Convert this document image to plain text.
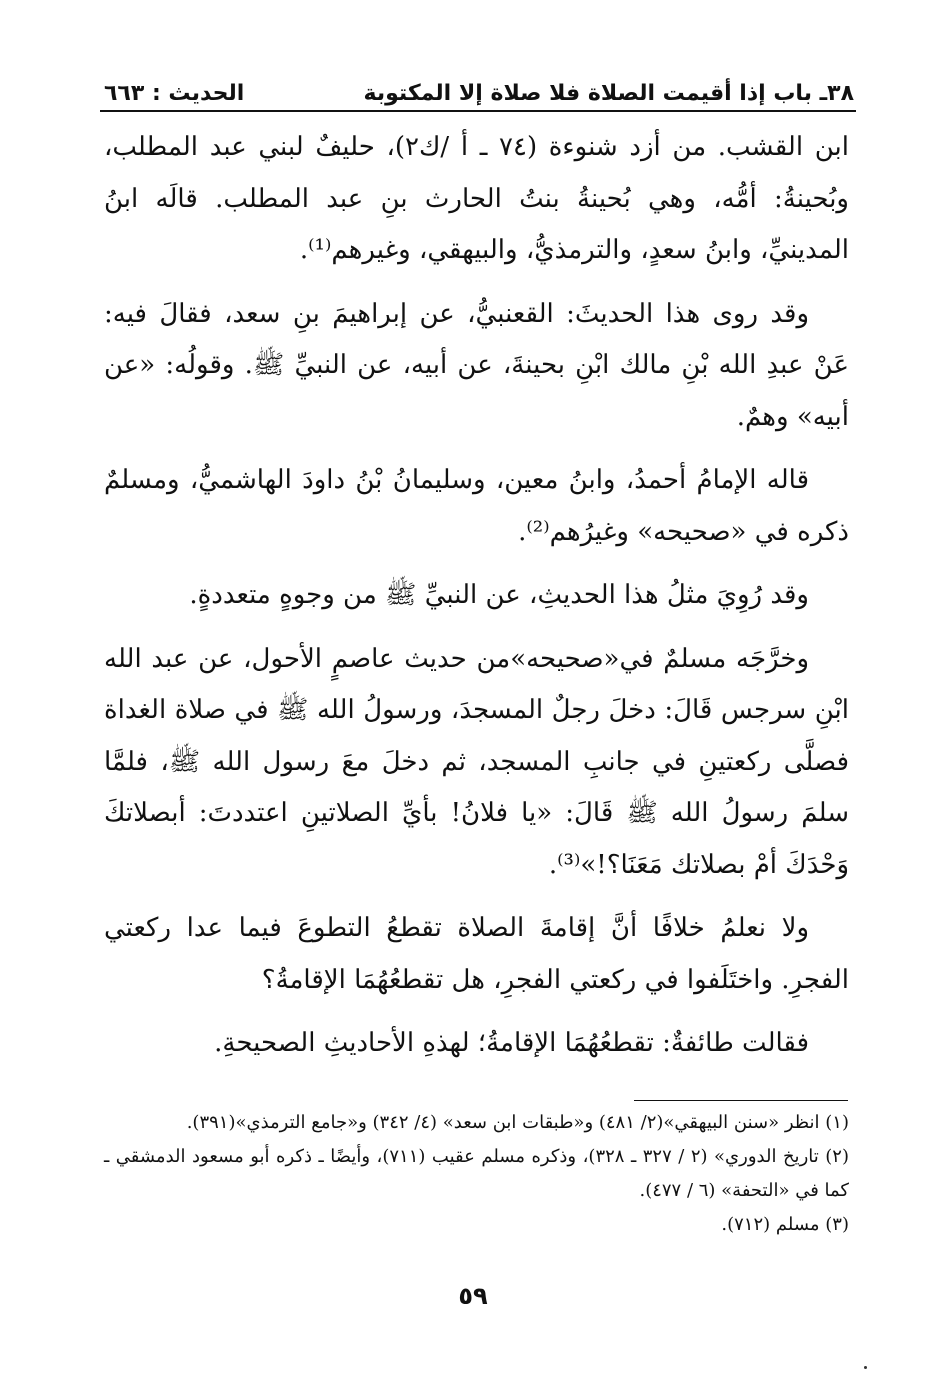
٣٨ـ باب إذا أقيمت الصلاة فلا صلاة إلا المكتوبة
الحديث : ٦٦٣

ابن القشب. من أزد شنوءة (٧٤ ـ أ /ك٢)، حليفٌ لبني عبد المطلب، وبُحينةُ: أمُّه، وهي بُحينةُ بنتُ الحارث بنِ عبد المطلب. قالَه ابنُ المدينيِّ، وابنُ سعدٍ، والترمذيُّ، والبيهقي، وغيرهم⁽¹⁾.

وقد روى هذا الحديثَ: القعنبيُّ، عن إبراهيمَ بنِ سعد، فقالَ فيه: عَنْ عبدِ الله بْنِ مالك ابْنِ بحينةَ، عن أبيه، عن النبيِّ ﷺ. وقولُه: «عن أبيه» وهمٌ.

قاله الإمامُ أحمدُ، وابنُ معين، وسليمانُ بْنُ داودَ الهاشميُّ، ومسلمٌ ذكره في «صحيحه» وغيرُهم⁽²⁾.

وقد رُوِيَ مثلُ هذا الحديثِ، عن النبيِّ ﷺ من وجوهٍ متعددةٍ.

وخرَّجَه مسلمٌ في«صحيحه»من حديث عاصمٍ الأحول، عن عبد الله ابْنِ سرجس قَالَ: دخلَ رجلٌ المسجدَ، ورسولُ الله ﷺ في صلاة الغداة فصلَّى ركعتينِ في جانبِ المسجد، ثم دخلَ معَ رسول الله ﷺ، فلمَّا سلمَ رسولُ الله ﷺ قَالَ: «يا فلانُ! بأيِّ الصلاتينِ اعتددتَ: أبصلاتكَ وَحْدَكَ أمْ بصلاتك مَعَنَا؟!»⁽³⁾.

ولا نعلمُ خلافًا أنَّ إقامةَ الصلاة تقطعُ التطوعَ فيما عدا ركعتي الفجرِ. واختَلَفوا في ركعتي الفجرِ، هل تقطعُهُمَا الإقامةُ؟

فقالت طائفةٌ: تقطعُهُمَا الإقامةُ؛ لهذهِ الأحاديثِ الصحيحةِ.

(١) انظر «سنن البيهقي»(٢/ ٤٨١) و«طبقات ابن سعد» (٤/ ٣٤٢) و«جامع الترمذي»(٣٩١).

(٢) تاريخ الدوري» (٢ / ٣٢٧ ـ ٣٢٨)، وذكره مسلم عقيب (٧١١)، وأيضًا ـ ذكره أبو مسعود الدمشقي ـ كما في «التحفة» (٦ / ٤٧٧).

(٣) مسلم (٧١٢).

٥٩
